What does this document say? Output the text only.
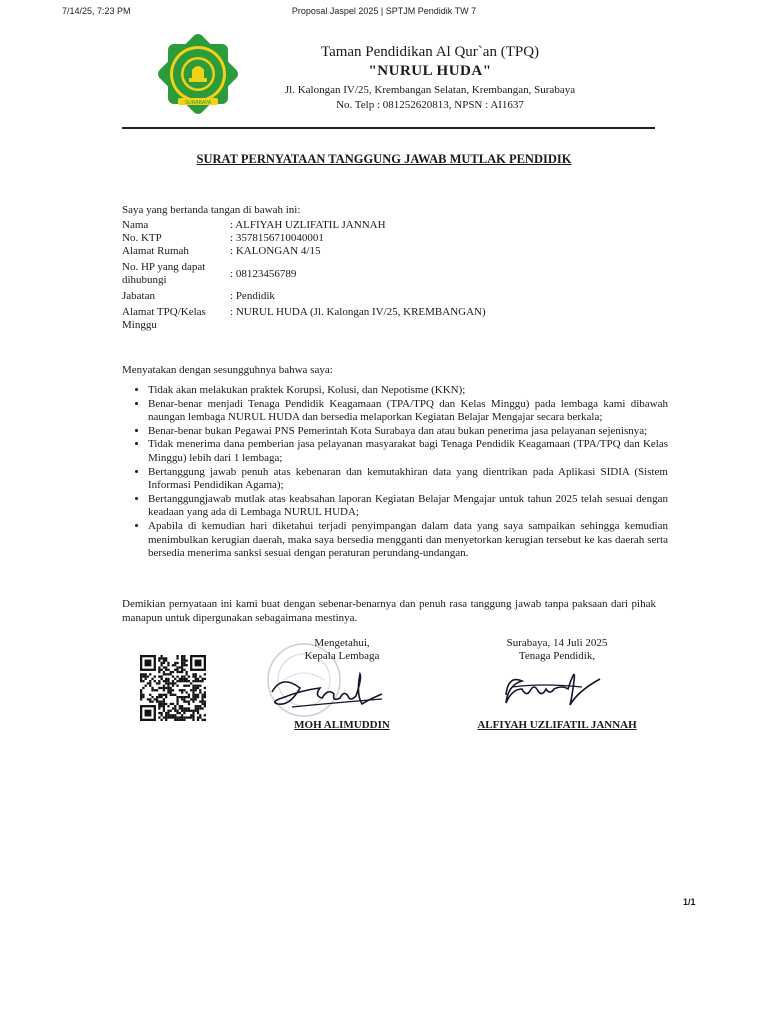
7/14/25, 7:23 PM	Proposal Jaspel 2025 | SPTJM Pendidik TW 7
SURABAYA
Taman Pendidikan Al Qur`an (TPQ)
"NURUL HUDA"
Jl. Kalongan IV/25, Krembangan Selatan, Krembangan, Surabaya
No. Telp : 081252620813, NPSN : AI1637
SURAT PERNYATAAN TANGGUNG JAWAB MUTLAK PENDIDIK
Saya yang bertanda tangan di bawah ini:
Nama	: ALFIYAH UZLIFATIL JANNAH
No. KTP	: 3578156710040001
Alamat Rumah	: KALONGAN 4/15
No. HP yang dapat dihubungi
: 08123456789
Jabatan	: Pendidik
Alamat TPQ/Kelas Minggu
: NURUL HUDA (Jl. Kalongan IV/25, KREMBANGAN)
Menyatakan dengan sesungguhnya bahwa saya:
• Tidak akan melakukan praktek Korupsi, Kolusi, dan Nepotisme (KKN);
• Benar-benar menjadi Tenaga Pendidik Keagamaan (TPA/TPQ dan Kelas Minggu) pada lembaga kami dibawah naungan lembaga NURUL HUDA dan bersedia melaporkan Kegiatan Belajar Mengajar secara berkala;
• Benar-benar bukan Pegawai PNS Pemerintah Kota Surabaya dan atau bukan penerima jasa pelayanan sejenisnya;
• Tidak menerima dana pemberian jasa pelayanan masyarakat bagi Tenaga Pendidik Keagamaan (TPA/TPQ dan Kelas Minggu) lebih dari 1 lembaga;
• Bertanggung jawab penuh atas kebenaran dan kemutakhiran data yang dientrikan pada Aplikasi SIDIA (Sistem Informasi Pendidikan Agama);
• Bertanggungjawab mutlak atas keabsahan laporan Kegiatan Belajar Mengajar untuk tahun 2025 telah sesuai dengan keadaan yang ada di Lembaga NURUL HUDA;
• Apabila di kemudian hari diketahui terjadi penyimpangan dalam data yang saya sampaikan sehingga kemudian menimbulkan kerugian daerah, maka saya bersedia mengganti dan menyetorkan kerugian tersebut ke kas daerah serta bersedia menerima sanksi sesuai dengan peraturan perundang-undangan.
Demikian pernyataan ini kami buat dengan sebenar-benarnya dan penuh rasa tanggung jawab tanpa paksaan dari pihak manapun untuk dipergunakan sebagaimana mestinya.
Mengetahui,
Kepala Lembaga
MOH ALIMUDDIN
Surabaya, 14 Juli 2025
Tenaga Pendidik,
ALFIYAH UZLIFATIL JANNAH
1/1
